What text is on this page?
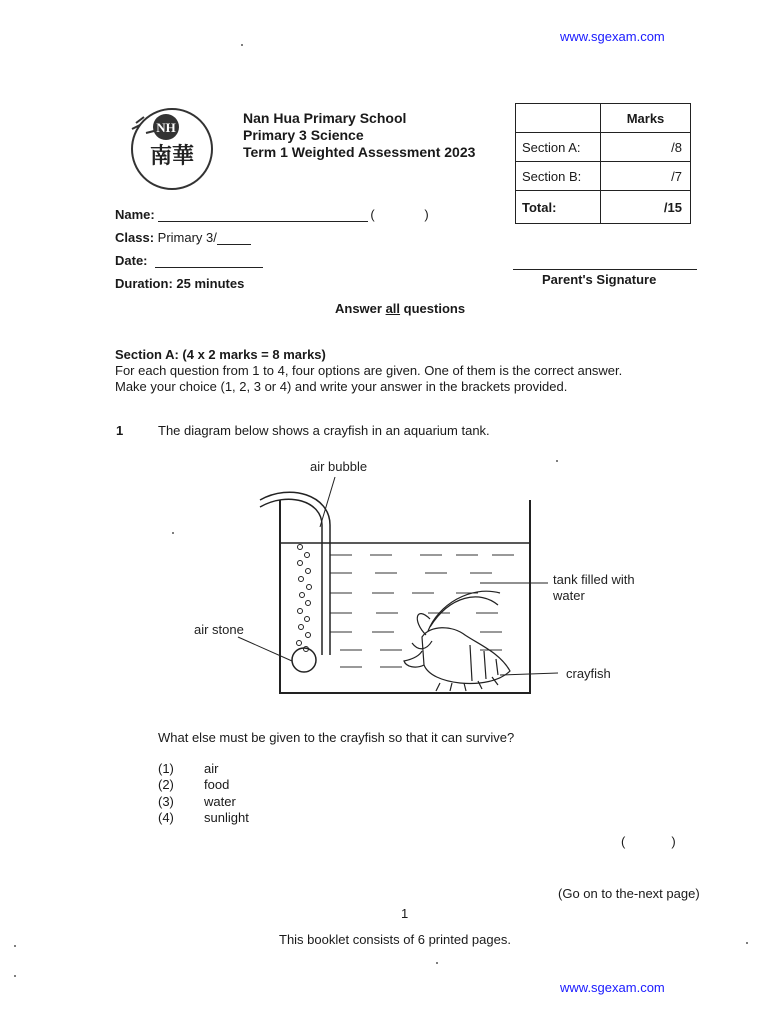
www.sgexam.com
NH
南華
Nan Hua Primary School
Primary 3 Science
Term 1 Weighted Assessment 2023
	Marks
Section A:	/8
Section B:	/7
Total:	/15
Name:	(	)
Class: Primary 3/
Date:
Duration: 25 minutes	Parent's Signature
Answer all questions
Section A: (4 x 2 marks = 8 marks)
For each question from 1 to 4, four options are given. One of them is the correct answer.
Make your choice (1, 2, 3 or 4) and write your answer in the brackets provided.
1	The diagram below shows a crayfish in an aquarium tank.
air bubble
tank filled with
water
air stone
crayfish
What else must be given to the crayfish so that it can survive?
(1) air
(2) food
(3) water
(4) sunlight
(	)
(Go on to the-next page)
1
This booklet consists of 6 printed pages.
www.sgexam.com
